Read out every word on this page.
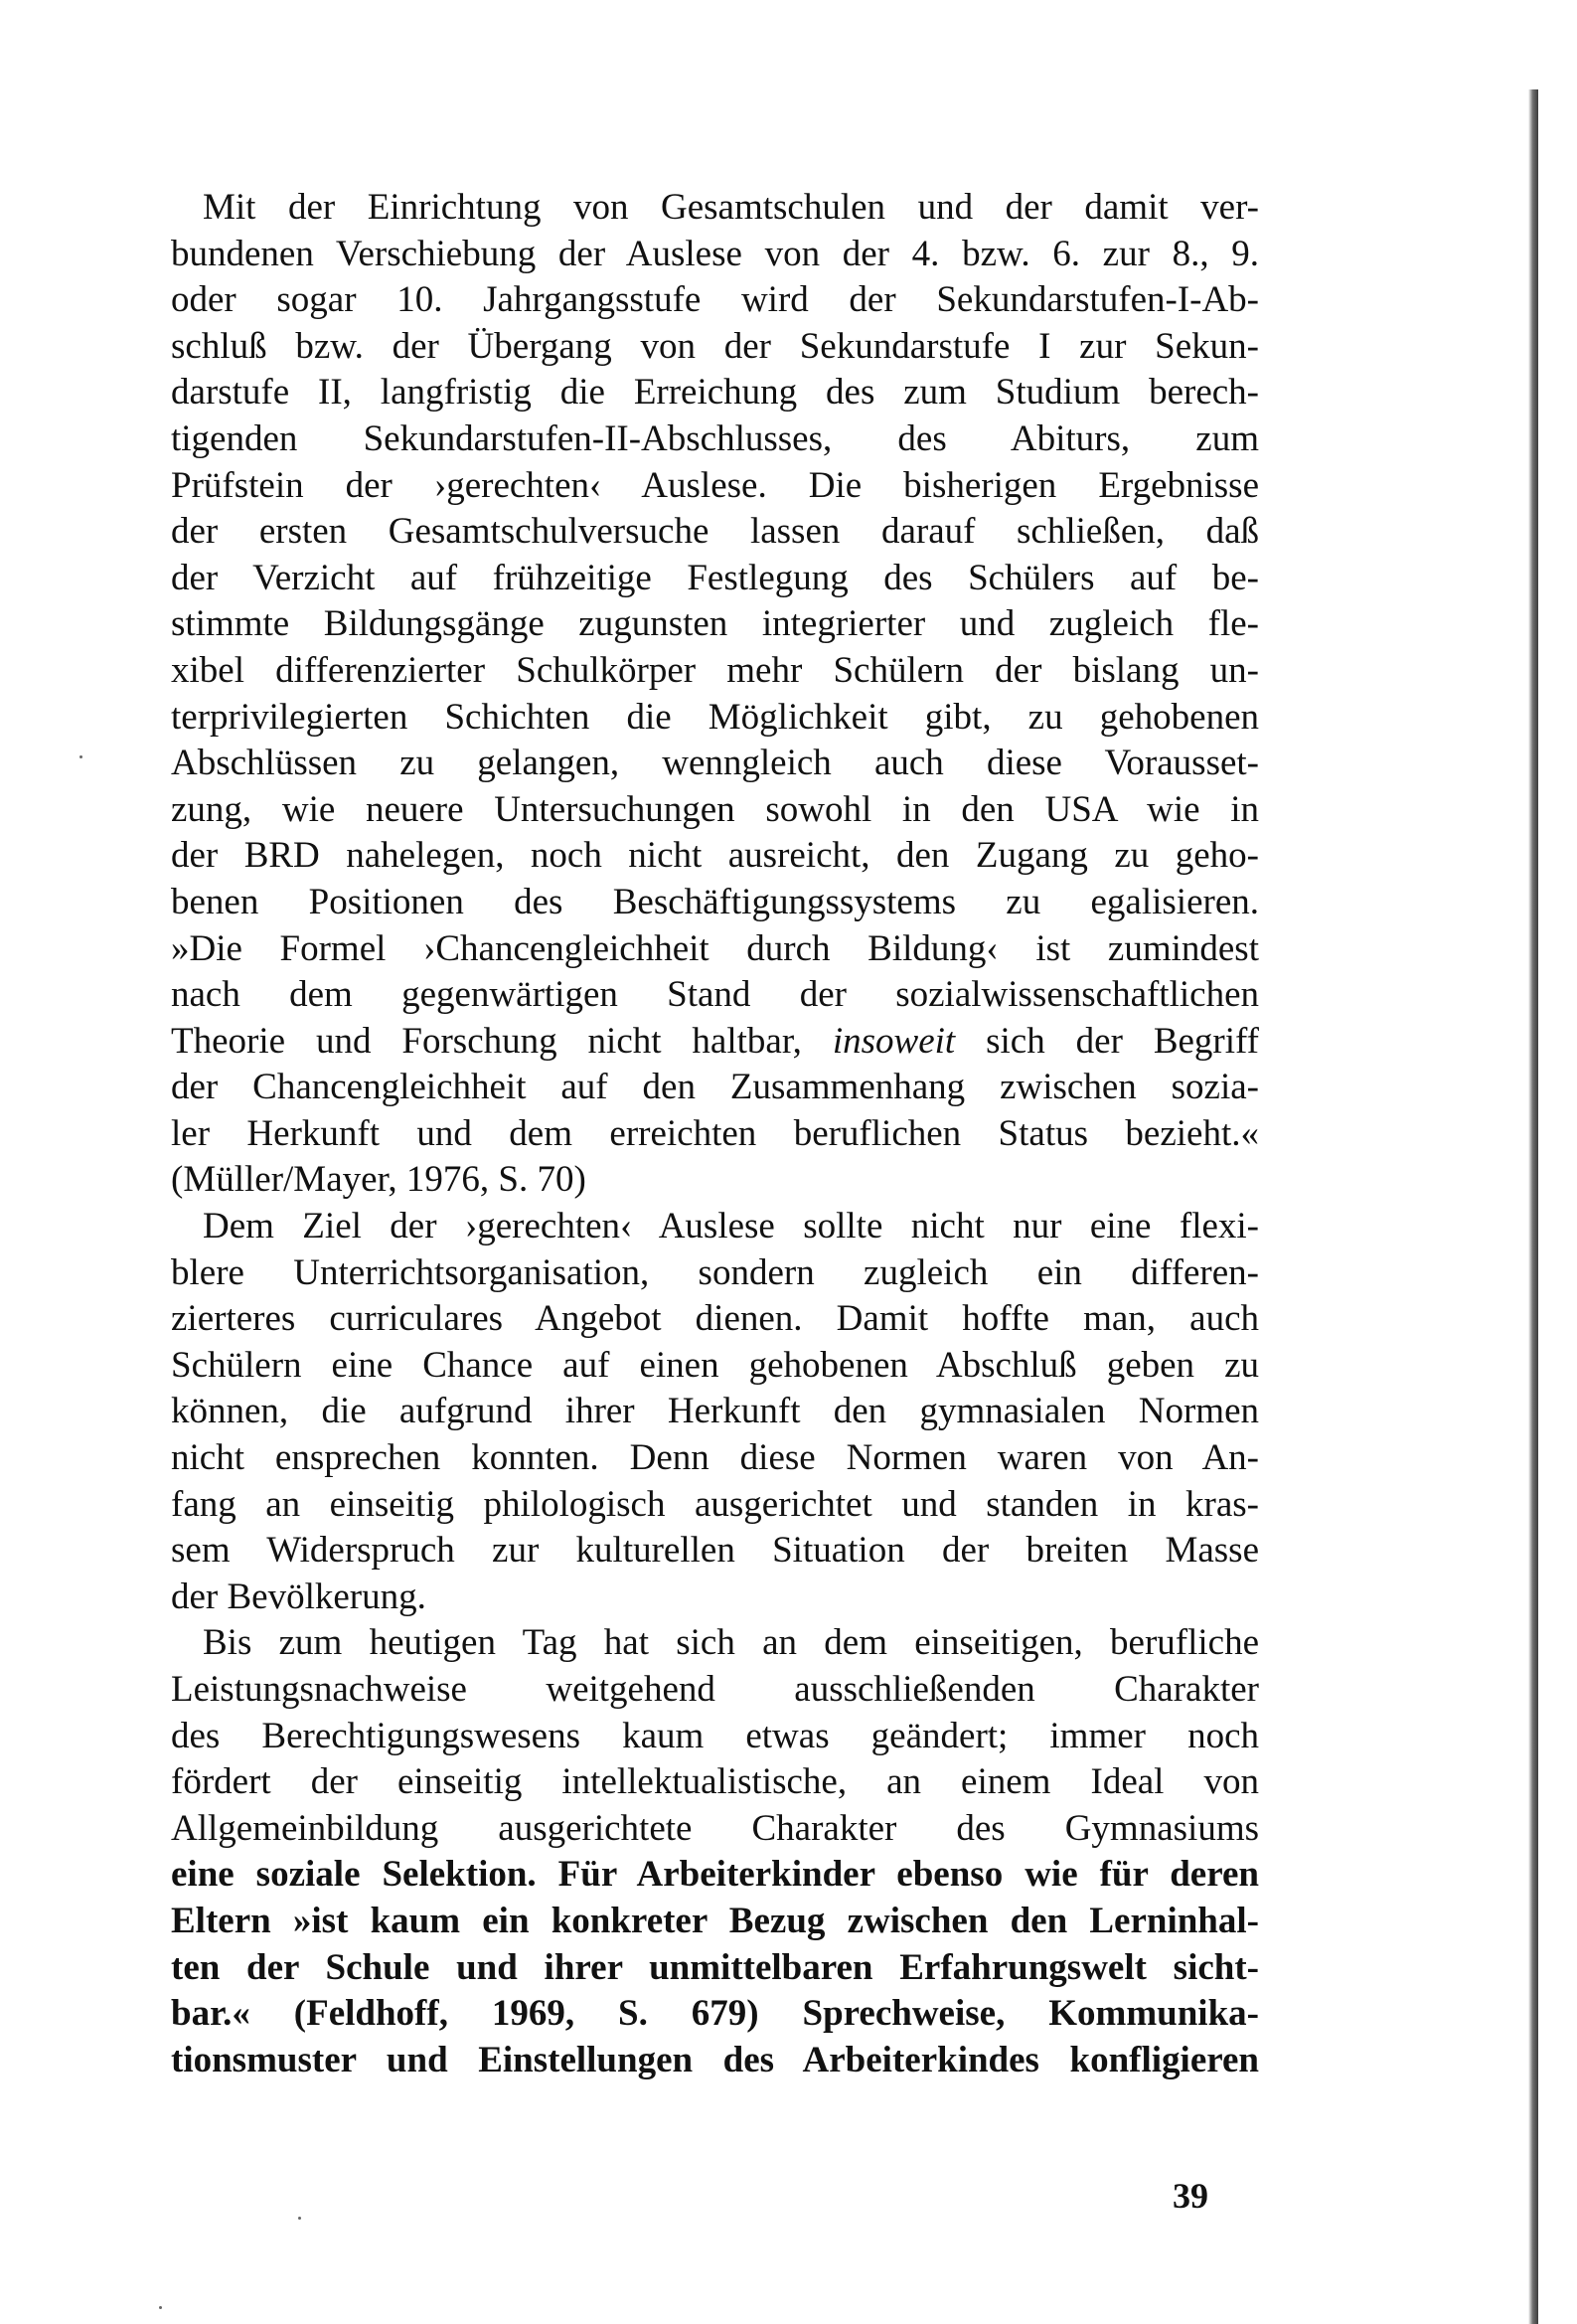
Mit der Einrichtung von Gesamtschulen und der damit ver-
bundenen Verschiebung der Auslese von der 4. bzw. 6. zur 8., 9.
oder sogar 10. Jahrgangsstufe wird der Sekundarstufen-I-Ab-
schluß bzw. der Übergang von der Sekundarstufe I zur Sekun-
darstufe II, langfristig die Erreichung des zum Studium berech-
tigenden Sekundarstufen-II-Abschlusses, des Abiturs, zum
Prüfstein der ›gerechten‹ Auslese. Die bisherigen Ergebnisse
der ersten Gesamtschulversuche lassen darauf schließen, daß
der Verzicht auf frühzeitige Festlegung des Schülers auf be-
stimmte Bildungsgänge zugunsten integrierter und zugleich fle-
xibel differenzierter Schulkörper mehr Schülern der bislang un-
terprivilegierten Schichten die Möglichkeit gibt, zu gehobenen
Abschlüssen zu gelangen, wenngleich auch diese Vorausset-
zung, wie neuere Untersuchungen sowohl in den USA wie in
der BRD nahelegen, noch nicht ausreicht, den Zugang zu geho-
benen Positionen des Beschäftigungssystems zu egalisieren.
»Die Formel ›Chancengleichheit durch Bildung‹ ist zumindest
nach dem gegenwärtigen Stand der sozialwissenschaftlichen
Theorie und Forschung nicht haltbar, insoweit sich der Begriff
der Chancengleichheit auf den Zusammenhang zwischen sozia-
ler Herkunft und dem erreichten beruflichen Status bezieht.«
(Müller/Mayer, 1976, S. 70)
Dem Ziel der ›gerechten‹ Auslese sollte nicht nur eine flexi-
blere Unterrichtsorganisation, sondern zugleich ein differen-
zierteres curriculares Angebot dienen. Damit hoffte man, auch
Schülern eine Chance auf einen gehobenen Abschluß geben zu
können, die aufgrund ihrer Herkunft den gymnasialen Normen
nicht ensprechen konnten. Denn diese Normen waren von An-
fang an einseitig philologisch ausgerichtet und standen in kras-
sem Widerspruch zur kulturellen Situation der breiten Masse
der Bevölkerung.
Bis zum heutigen Tag hat sich an dem einseitigen, berufliche
Leistungsnachweise weitgehend ausschließenden Charakter
des Berechtigungswesens kaum etwas geändert; immer noch
fördert der einseitig intellektualistische, an einem Ideal von
Allgemeinbildung ausgerichtete Charakter des Gymnasiums
eine soziale Selektion. Für Arbeiterkinder ebenso wie für deren
Eltern »ist kaum ein konkreter Bezug zwischen den Lerninhal-
ten der Schule und ihrer unmittelbaren Erfahrungswelt sicht-
bar.« (Feldhoff, 1969, S. 679) Sprechweise, Kommunika-
tionsmuster und Einstellungen des Arbeiterkindes konfligieren
39
